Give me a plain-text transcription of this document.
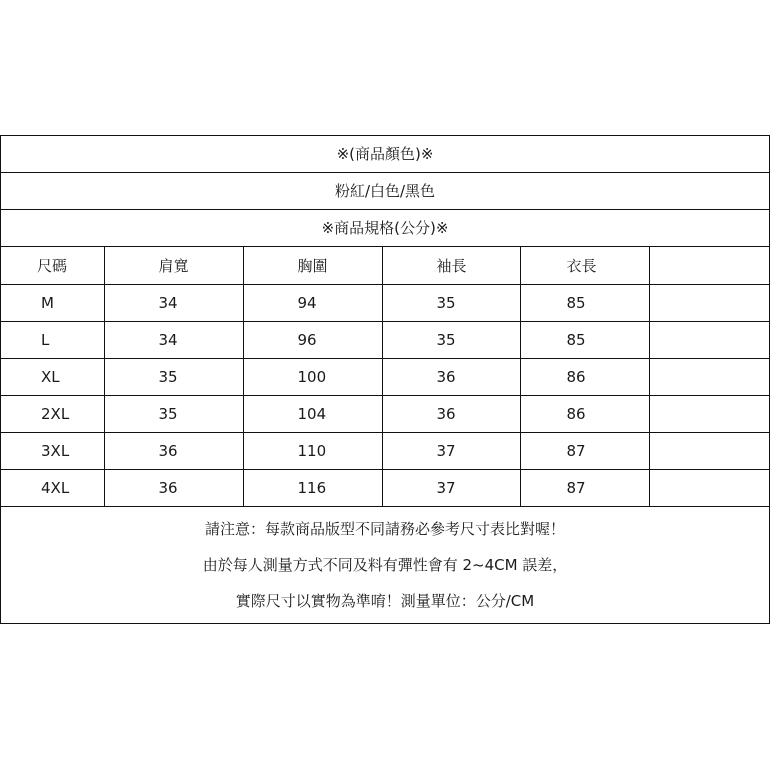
※(商品顏色)※
粉紅/白色/黑色
※商品規格(公分)※
尺碼	肩寬	胸圍	袖長	衣長	
M	34	94	35	85	
L	34	96	35	85	
XL	35	100	36	86	
2XL	35	104	36	86	
3XL	36	110	37	87	
4XL	36	116	37	87	
請注意：每款商品版型不同請務必參考尺寸表比對喔！
由於每人測量方式不同及料有彈性會有 2~4CM 誤差，
實際尺寸以實物為準唷！測量單位：公分/CM
